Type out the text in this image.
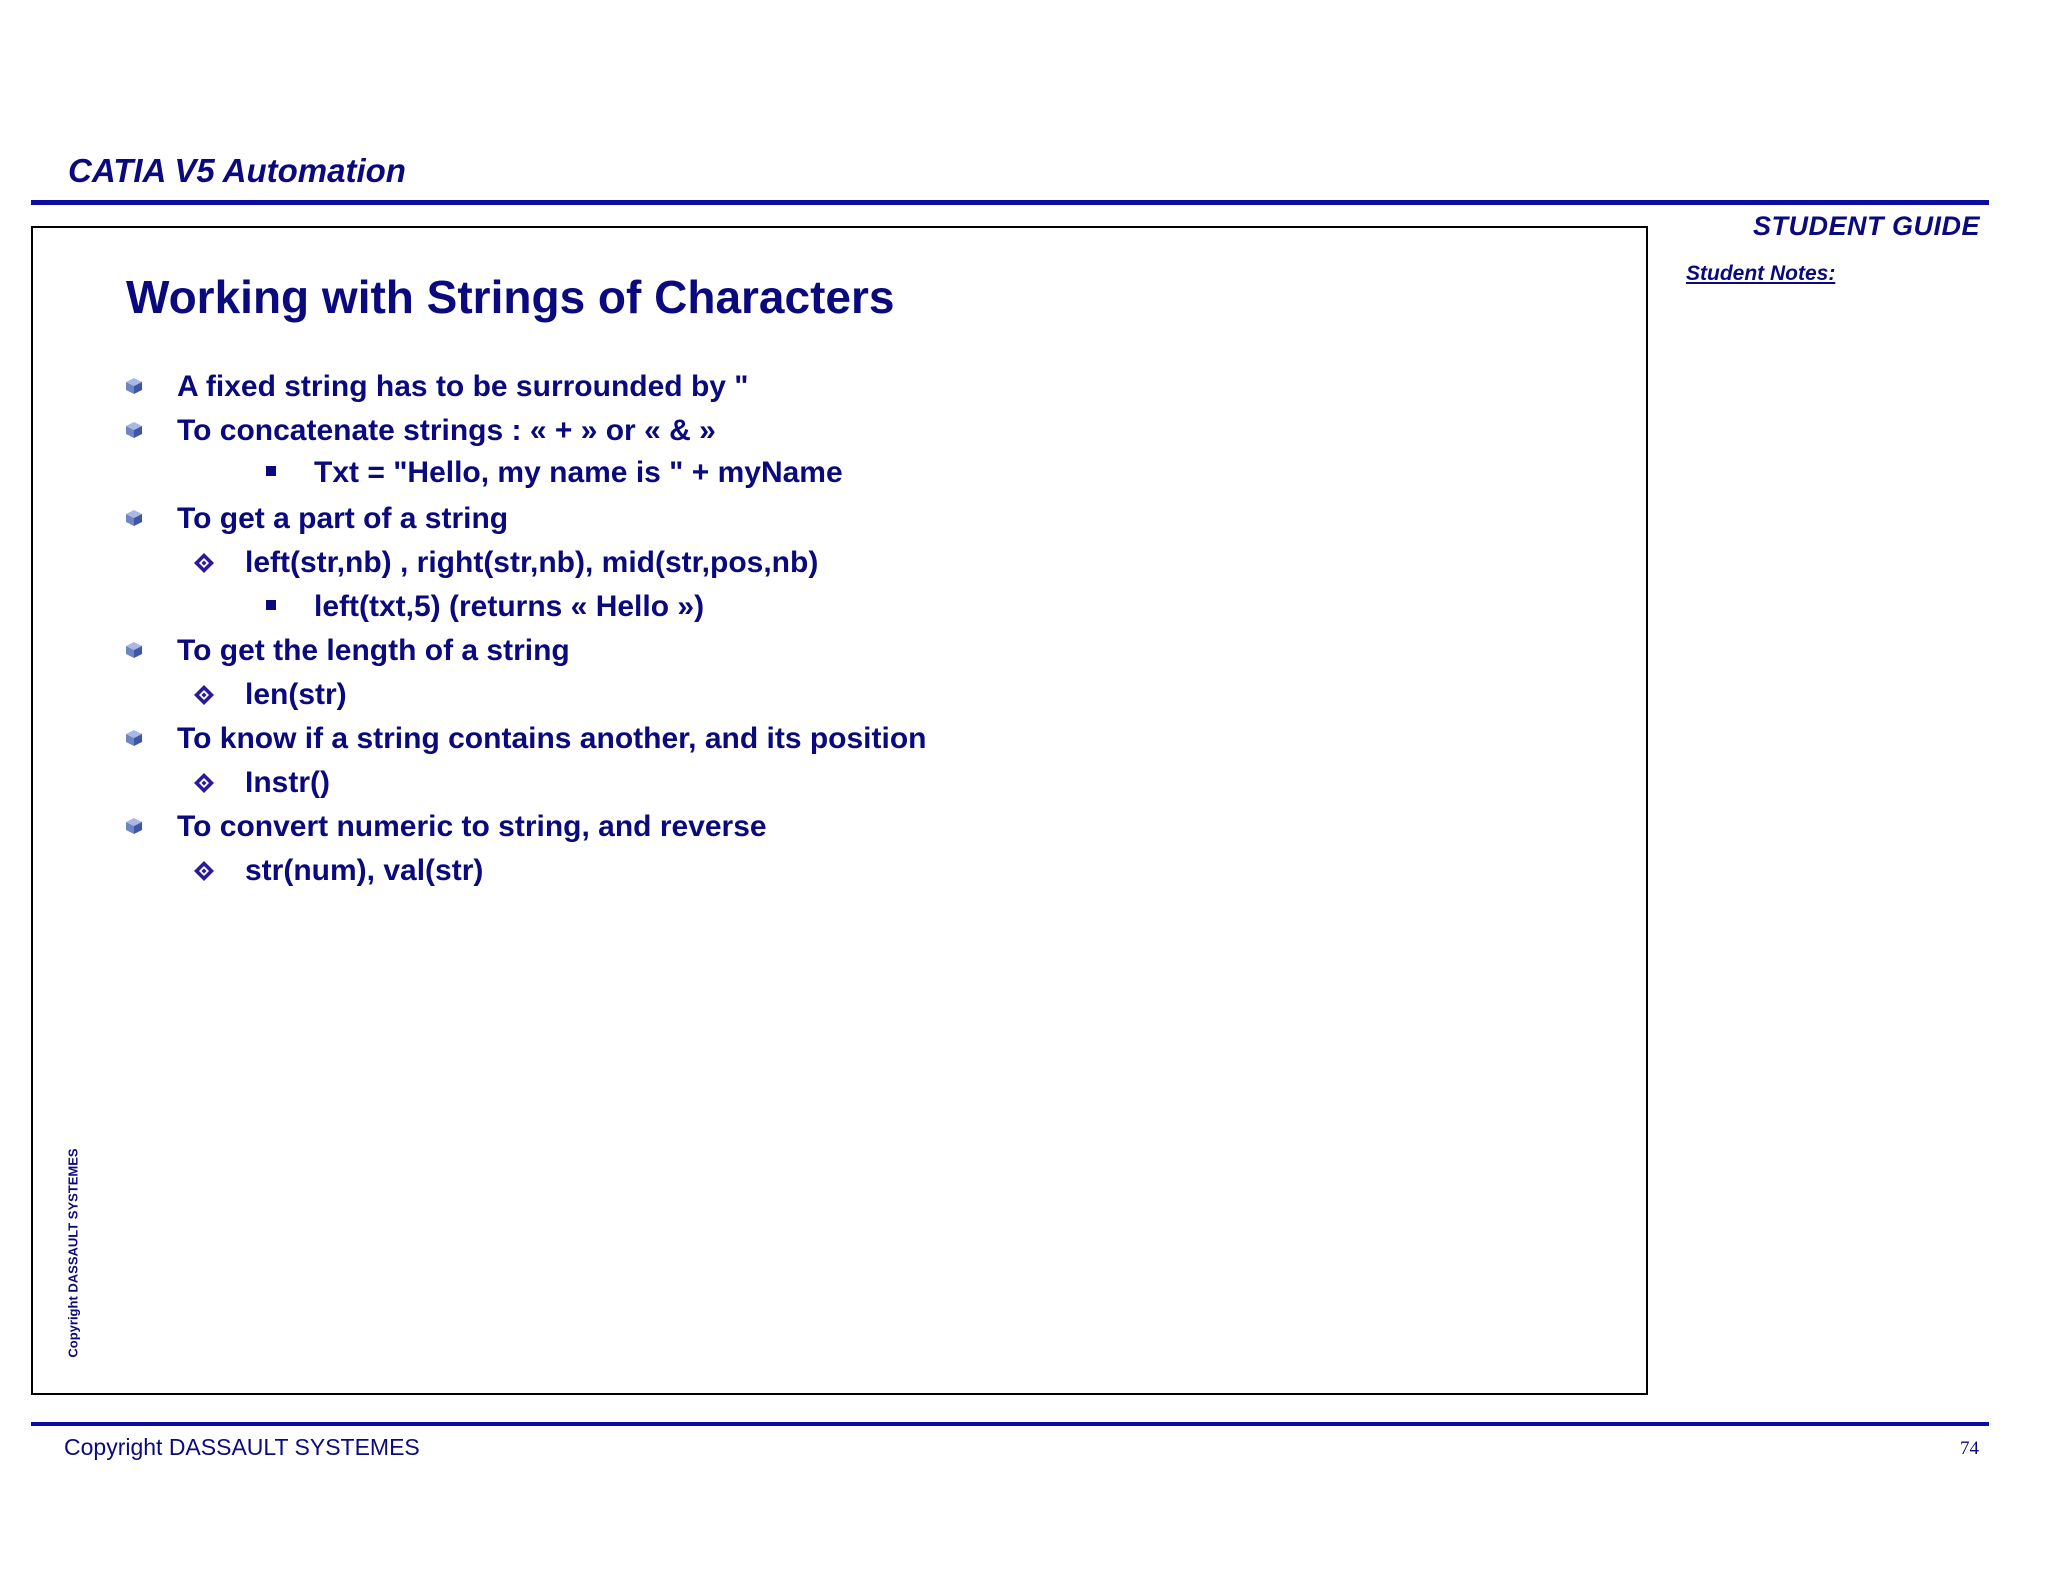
CATIA V5 Automation
STUDENT GUIDE
Student Notes:
Working with Strings of Characters
A fixed string has to be surrounded by "
To concatenate strings : « + » or « & »
Txt = "Hello, my name is " + myName
To get a part of a string
left(str,nb) , right(str,nb), mid(str,pos,nb)
left(txt,5) (returns « Hello »)
To get the length of a string
len(str)
To know if a string contains another, and its position
Instr()
To convert numeric to string, and reverse
str(num), val(str)
Copyright DASSAULT SYSTEMES
Copyright DASSAULT SYSTEMES	74
